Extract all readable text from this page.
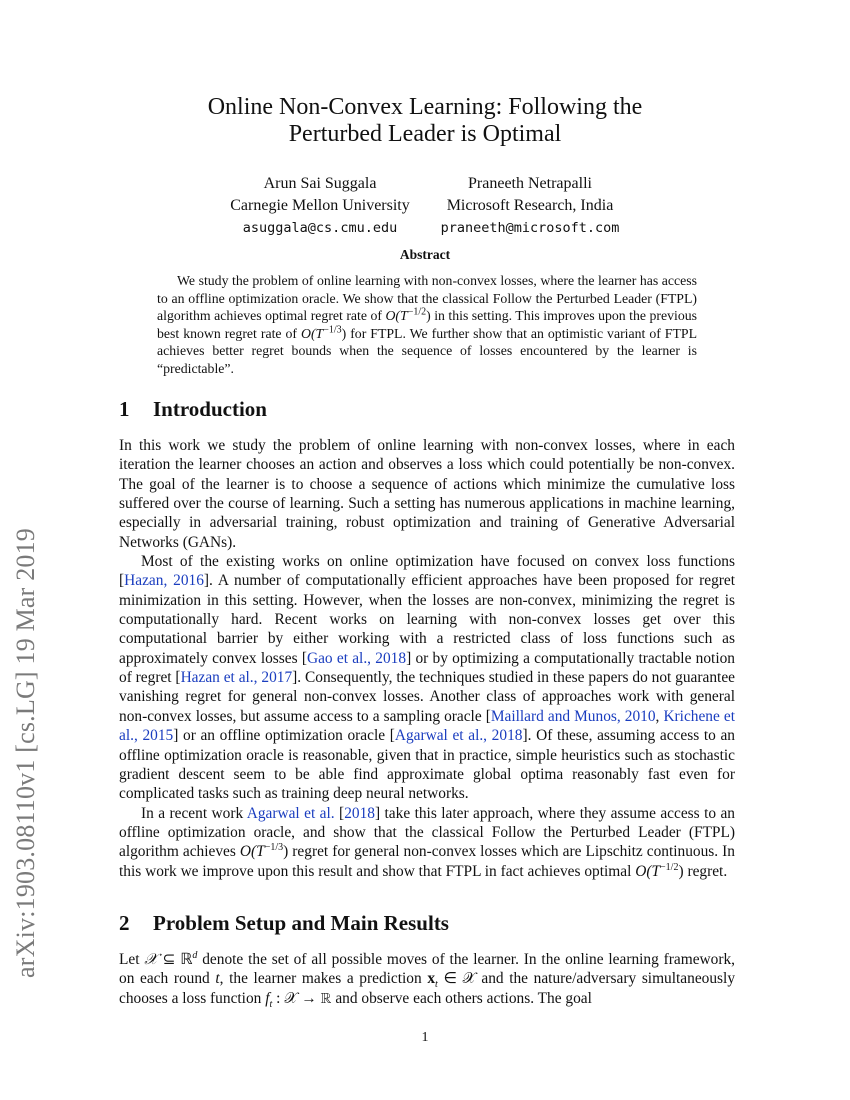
arXiv:1903.08110v1 [cs.LG] 19 Mar 2019
Online Non-Convex Learning: Following the
Perturbed Leader is Optimal
Arun Sai Suggala
Carnegie Mellon University
asuggala@cs.cmu.edu
Praneeth Netrapalli
Microsoft Research, India
praneeth@microsoft.com
Abstract

We study the problem of online learning with non-convex losses, where the learner has access to an offline optimization oracle. We show that the classical Follow the Perturbed Leader (FTPL) algorithm achieves optimal regret rate of $O(T^{-1/2})$ in this setting. This improves upon the previous best known regret rate of $O(T^{-1/3})$ for FTPL. We further show that an optimistic variant of FTPL achieves better regret bounds when the sequence of losses encountered by the learner is “predictable”.

1 Introduction

In this work we study the problem of online learning with non-convex losses, where in each iteration the learner chooses an action and observes a loss which could potentially be non-convex. The goal of the learner is to choose a sequence of actions which minimize the cumulative loss suffered over the course of learning. Such a setting has numerous applications in machine learning, especially in adversarial training, robust optimization and training of Generative Adversarial Networks (GANs).

Most of the existing works on online optimization have focused on convex loss functions [Hazan, 2016]. A number of computationally efficient approaches have been proposed for regret minimization in this setting. However, when the losses are non-convex, minimizing the regret is computationally hard. Recent works on learning with non-convex losses get over this computational barrier by either working with a restricted class of loss functions such as approximately convex losses [Gao et al., 2018] or by optimizing a computationally tractable notion of regret [Hazan et al., 2017]. Consequently, the techniques studied in these papers do not guarantee vanishing regret for general non-convex losses. Another class of approaches work with general non-convex losses, but assume access to a sampling oracle [Maillard and Munos, 2010, Krichene et al., 2015] or an offline optimization oracle [Agarwal et al., 2018]. Of these, assuming access to an offline optimization oracle is reasonable, given that in practice, simple heuristics such as stochastic gradient descent seem to be able find approximate global optima reasonably fast even for complicated tasks such as training deep neural networks.

In a recent work Agarwal et al. [2018] take this later approach, where they assume access to an offline optimization oracle, and show that the classical Follow the Perturbed Leader (FTPL) algorithm achieves $O(T^{-1/3})$ regret for general non-convex losses which are Lipschitz continuous. In this work we improve upon this result and show that FTPL in fact achieves optimal $O(T^{-1/2})$ regret.

2 Problem Setup and Main Results

Let 𝒳 ⊆ ℝ$^d$ denote the set of all possible moves of the learner. In the online learning framework, on each round t, the learner makes a prediction $x_t$ ∈ 𝒳 and the nature/adversary simultaneously chooses a loss function $f_t$ : 𝒳 → ℝ and observe each others actions. The goal

1
